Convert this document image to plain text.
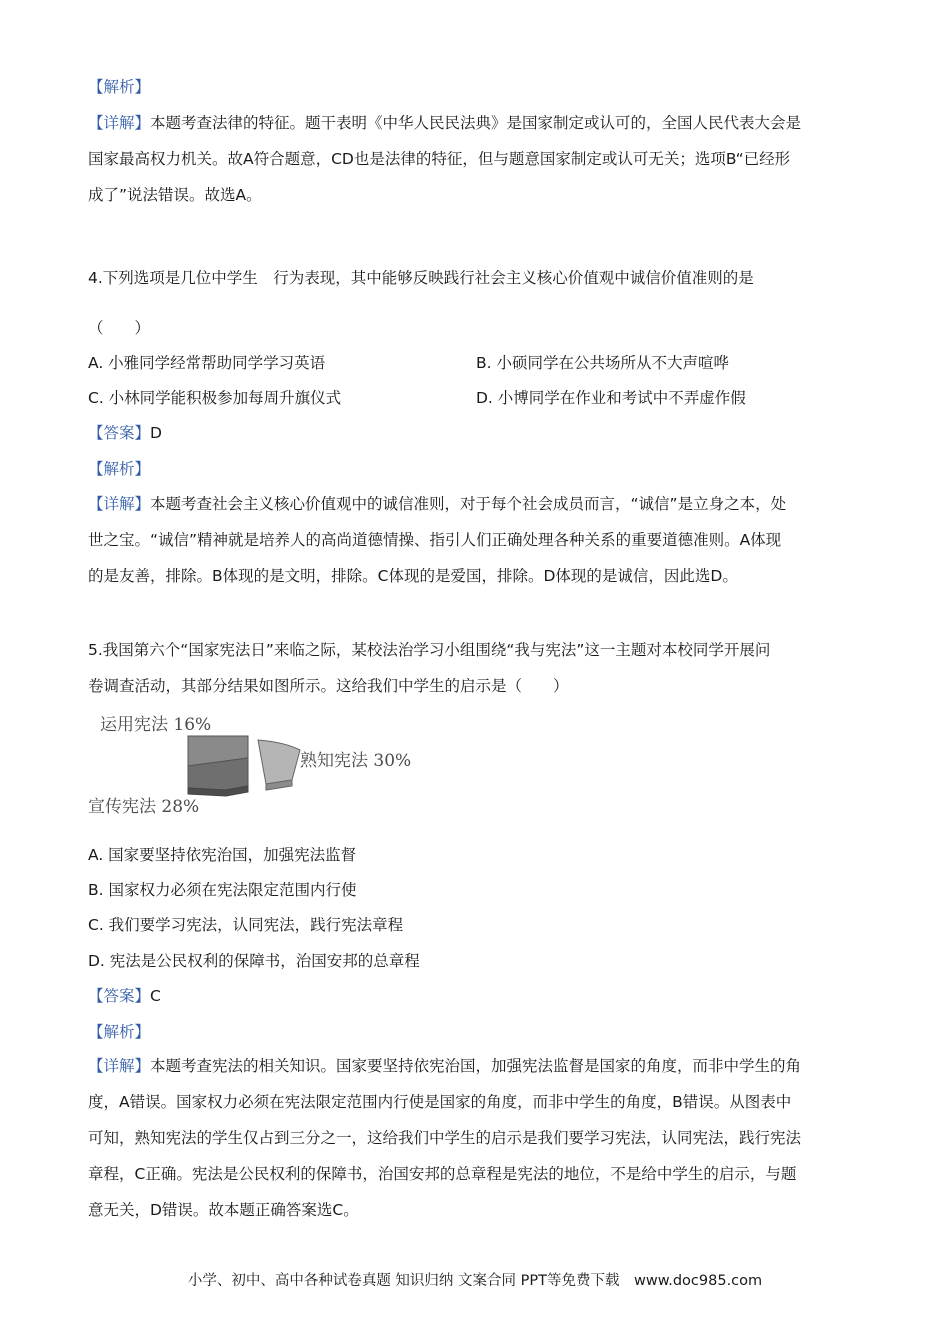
【解析】

【详解】本题考查法律的特征。题干表明《中华人民民法典》是国家制定或认可的，全国人民代表大会是

国家最高权力机关。故A符合题意，CD也是法律的特征，但与题意国家制定或认可无关；选项B“已经形

成了”说法错误。故选A。

4.下列选项是几位中学生　行为表现，其中能够反映践行社会主义核心价值观中诚信价值准则的是

（　　）

A. 小雅同学经常帮助同学学习英语	B. 小硕同学在公共场所从不大声喧哗

C. 小林同学能积极参加每周升旗仪式	D. 小博同学在作业和考试中不弄虚作假

【答案】D

【解析】

【详解】本题考查社会主义核心价值观中的诚信准则，对于每个社会成员而言，“诚信”是立身之本，处

世之宝。“诚信”精神就是培养人的高尚道德情操、指引人们正确处理各种关系的重要道德准则。A体现

的是友善，排除。B体现的是文明，排除。C体现的是爱国，排除。D体现的是诚信，因此选D。

5.我国第六个“国家宪法日”来临之际，某校法治学习小组围绕“我与宪法”这一主题对本校同学开展问

卷调查活动，其部分结果如图所示。这给我们中学生的启示是（　　）

运用宪法 16%
熟知宪法 30%
宣传宪法 28%

A. 国家要坚持依宪治国，加强宪法监督

B. 国家权力必须在宪法限定范围内行使

C. 我们要学习宪法，认同宪法，践行宪法章程

D. 宪法是公民权利的保障书，治国安邦的总章程

【答案】C

【解析】

【详解】本题考查宪法的相关知识。国家要坚持依宪治国，加强宪法监督是国家的角度，而非中学生的角

度，A错误。国家权力必须在宪法限定范围内行使是国家的角度，而非中学生的角度，B错误。从图表中

可知，熟知宪法的学生仅占到三分之一，这给我们中学生的启示是我们要学习宪法，认同宪法，践行宪法

章程，C正确。宪法是公民权利的保障书，治国安邦的总章程是宪法的地位，不是给中学生的启示，与题

意无关，D错误。故本题正确答案选C。

小学、初中、高中各种试卷真题 知识归纳 文案合同 PPT等免费下载　www.doc985.com
